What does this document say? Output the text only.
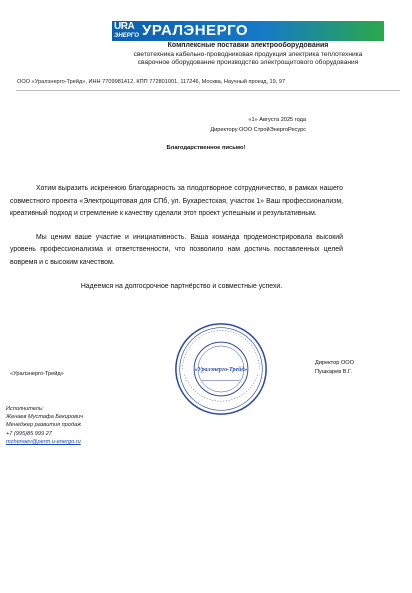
URA
ЭНЕРГО УРАЛЭНЕРГО
Комплексные поставки электрооборудования
светотехника кабельно-проводниковая продукция электрика теплотехника
сварочное оборудование производство электрощитового оборудования
ООО «Уралэнерго-Трейд», ИНН 7709981412, КПП 772801001, 117246, Москва, Научный проезд, 19, 97
«1» Августа 2025 года
Директору ООО СтройЭнергоРесурс
Благодарственное письмо!

Хотим выразить искреннюю благодарность за плодотворное сотрудничество, в рамках нашего совместного проекта «Электрощитовая для СПб, ул. Бухарестская, участок 1» Ваш профессионализм, креативный подход и стремление к качеству сделали этот проект успешным и результативным.

Мы ценим ваше участие и инициативность. Ваша команда продемонстрировала высокий уровень профессионализма и ответственности, что позволило нам достичь поставленных целей вовремя и с высоким качеством.

Надеемся на долгосрочное партнёрство и совместные успехи.

«Уралэнерго-Трейд»
«Уралэнерго-Трейд»
Директор ООО
Пушкарев В.Г.
Исполнитель:
Женаев Мустафа Бекирович
Менеджер развития продаж
+7 (995)85 999 27
mzhenaev@perm.u-energo.ru
